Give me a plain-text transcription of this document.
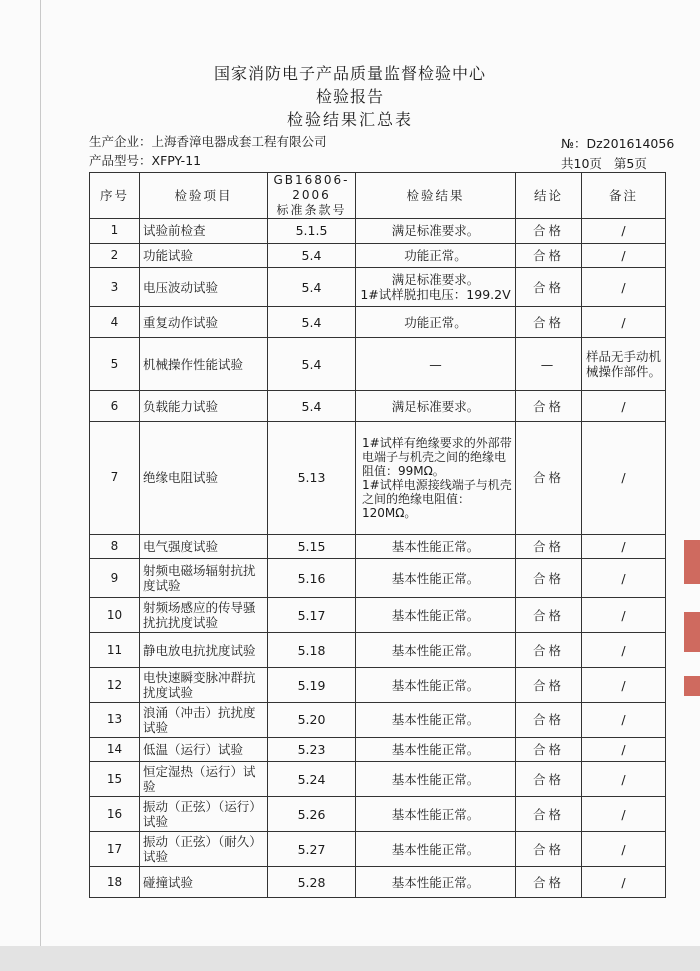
国家消防电子产品质量监督检验中心
检验报告
检验结果汇总表
生产企业：上海香漳电器成套工程有限公司
产品型号：XFPY-11
№：Dz201614056
共10页 第5页
序号	检验项目	GB16806-2006
标准条款号	检验结果	结论	备注
1	试验前检查	5.1.5	满足标准要求。	合格	/
2	功能试验	5.4	功能正常。	合格	/
3	电压波动试验	5.4	满足标准要求。
1#试样脱扣电压：199.2V	合格	/
4	重复动作试验	5.4	功能正常。	合格	/
5	机械操作性能试验	5.4	—	—	样品无手动机械操作部件。
6	负载能力试验	5.4	满足标准要求。	合格	/
7	绝缘电阻试验	5.13	1#试样有绝缘要求的外部带电端子与机壳之间的绝缘电阻值：99MΩ。
1#试样电源接线端子与机壳之间的绝缘电阻值：120MΩ。	合格	/
8	电气强度试验	5.15	基本性能正常。	合格	/
9	射频电磁场辐射抗扰度试验	5.16	基本性能正常。	合格	/
10	射频场感应的传导骚扰抗扰度试验	5.17	基本性能正常。	合格	/
11	静电放电抗扰度试验	5.18	基本性能正常。	合格	/
12	电快速瞬变脉冲群抗扰度试验	5.19	基本性能正常。	合格	/
13	浪涌（冲击）抗扰度试验	5.20	基本性能正常。	合格	/
14	低温（运行）试验	5.23	基本性能正常。	合格	/
15	恒定湿热（运行）试验	5.24	基本性能正常。	合格	/
16	振动（正弦）（运行）试验	5.26	基本性能正常。	合格	/
17	振动（正弦）（耐久）试验	5.27	基本性能正常。	合格	/
18	碰撞试验	5.28	基本性能正常。	合格	/
